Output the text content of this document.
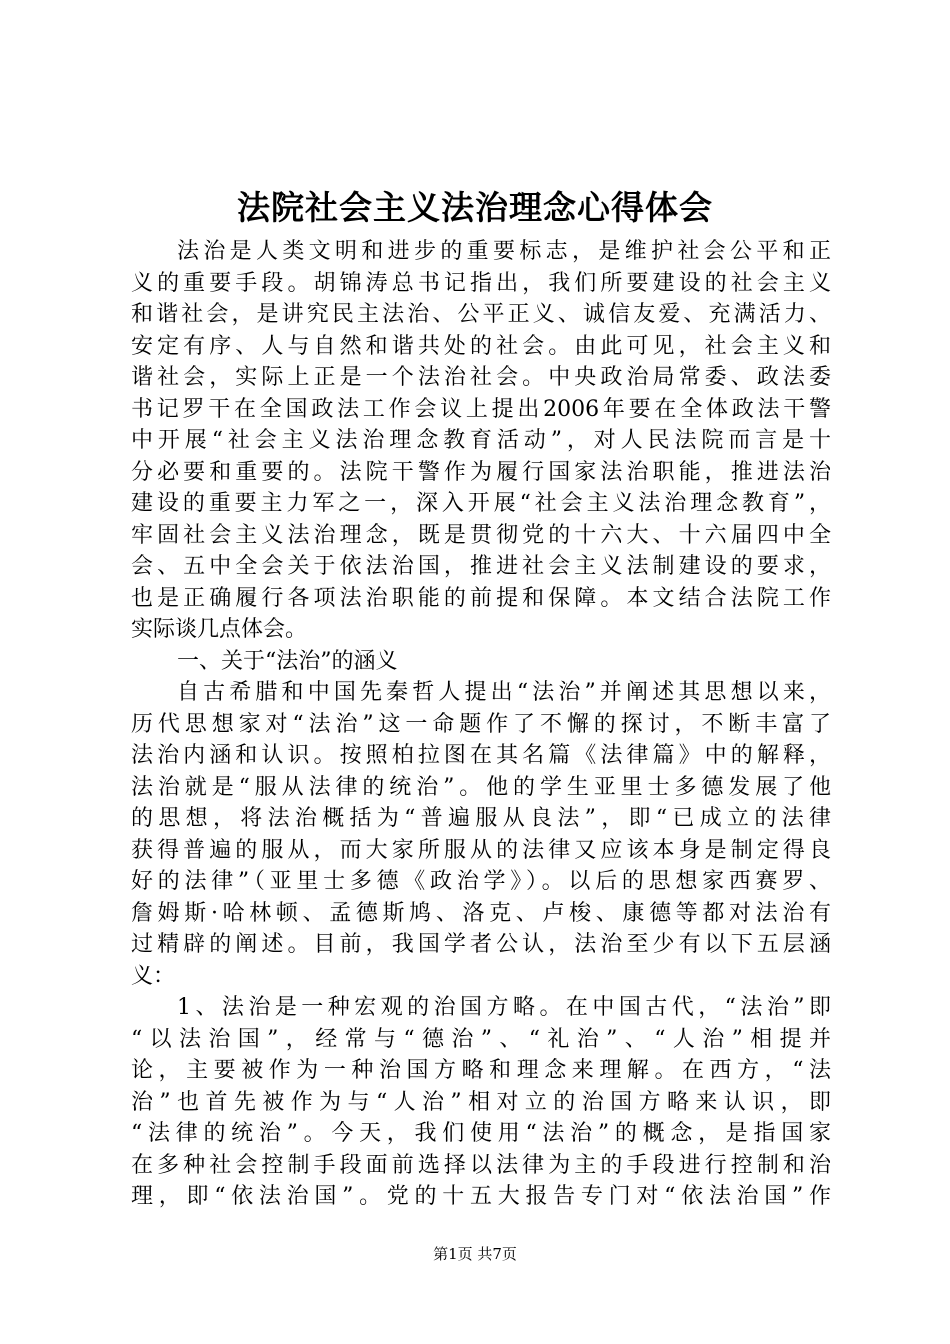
法院社会主义法治理念心得体会
法治是人类文明和进步的重要标志，是维护社会公平和正
义的重要手段。胡锦涛总书记指出，我们所要建设的社会主义
和谐社会，是讲究民主法治、公平正义、诚信友爱、充满活力、
安定有序、人与自然和谐共处的社会。由此可见，社会主义和
谐社会，实际上正是一个法治社会。中央政治局常委、政法委
书记罗干在全国政法工作会议上提出2006年要在全体政法干警
中开展“社会主义法治理念教育活动”，对人民法院而言是十
分必要和重要的。法院干警作为履行国家法治职能，推进法治
建设的重要主力军之一，深入开展“社会主义法治理念教育”，
牢固社会主义法治理念，既是贯彻党的十六大、十六届四中全
会、五中全会关于依法治国，推进社会主义法制建设的要求，
也是正确履行各项法治职能的前提和保障。本文结合法院工作
实际谈几点体会。
一、关于“法治”的涵义
自古希腊和中国先秦哲人提出“法治”并阐述其思想以来，
历代思想家对“法治”这一命题作了不懈的探讨，不断丰富了
法治内涵和认识。按照柏拉图在其名篇《法律篇》中的解释，
法治就是“服从法律的统治”。他的学生亚里士多德发展了他
的思想，将法治概括为“普遍服从良法”，即“已成立的法律
获得普遍的服从，而大家所服从的法律又应该本身是制定得良
好的法律”（亚里士多德《政治学》）。以后的思想家西赛罗、
詹姆斯·哈林顿、孟德斯鸠、洛克、卢梭、康德等都对法治有
过精辟的阐述。目前，我国学者公认，法治至少有以下五层涵
义：
1、法治是一种宏观的治国方略。在中国古代，“法治”即
“以法治国”，经常与“德治”、“礼治”、“人治”相提并
论，主要被作为一种治国方略和理念来理解。在西方，“法
治”也首先被作为与“人治”相对立的治国方略来认识，即
“法律的统治”。今天，我们使用“法治”的概念，是指国家
在多种社会控制手段面前选择以法律为主的手段进行控制和治
理，即“依法治国”。党的十五大报告专门对“依法治国”作
第1页 共7页
